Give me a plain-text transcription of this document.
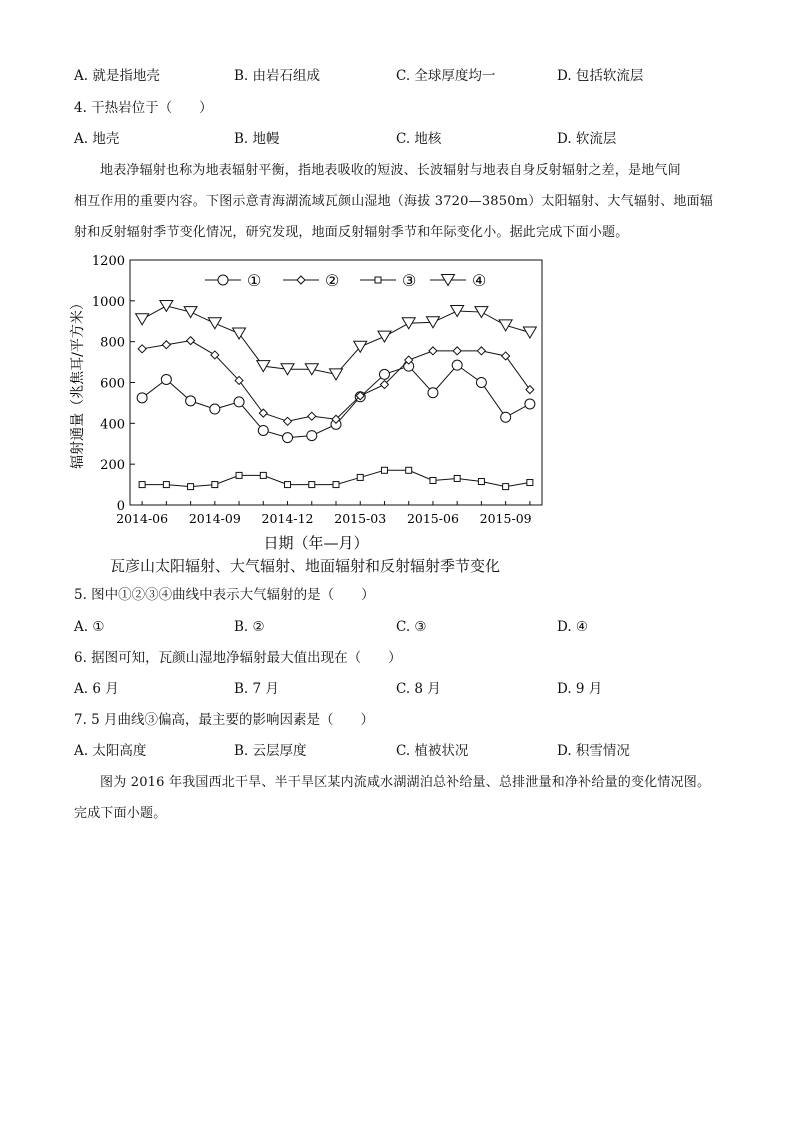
A. 就是指地壳	B. 由岩石组成	C. 全球厚度均一	D. 包括软流层
4. 干热岩位于（　　）
A. 地壳	B. 地幔	C. 地核	D. 软流层

地表净辐射也称为地表辐射平衡，指地表吸收的短波、长波辐射与地表自身反射辐射之差，是地气间

相互作用的重要内容。下图示意青海湖流域瓦颜山湿地（海拔 3720—3850m）太阳辐射、大气辐射、地面辐

射和反射辐射季节变化情况，研究发现，地面反射辐射季节和年际变化小。据此完成下面小题。

0
200
400
600
800
1000
1200
2014-06 2014-09 2014-12 2015-03 2015-06 2015-09
日期（年—月）
辐射通量（兆焦耳/平方米）
①	②	③	④
瓦彦山太阳辐射、大气辐射、地面辐射和反射辐射季节变化
5. 图中①②③④曲线中表示大气辐射的是（　　）
A. ①	B. ②	C. ③	D. ④
6. 据图可知，瓦颜山湿地净辐射最大值出现在（　　）
A. 6 月	B. 7 月	C. 8 月	D. 9 月
7. 5 月曲线③偏高，最主要的影响因素是（　　）
A. 太阳高度	B. 云层厚度	C. 植被状况	D. 积雪情况

图为 2016 年我国西北干旱、半干旱区某内流咸水湖湖泊总补给量、总排泄量和净补给量的变化情况图。

完成下面小题。
